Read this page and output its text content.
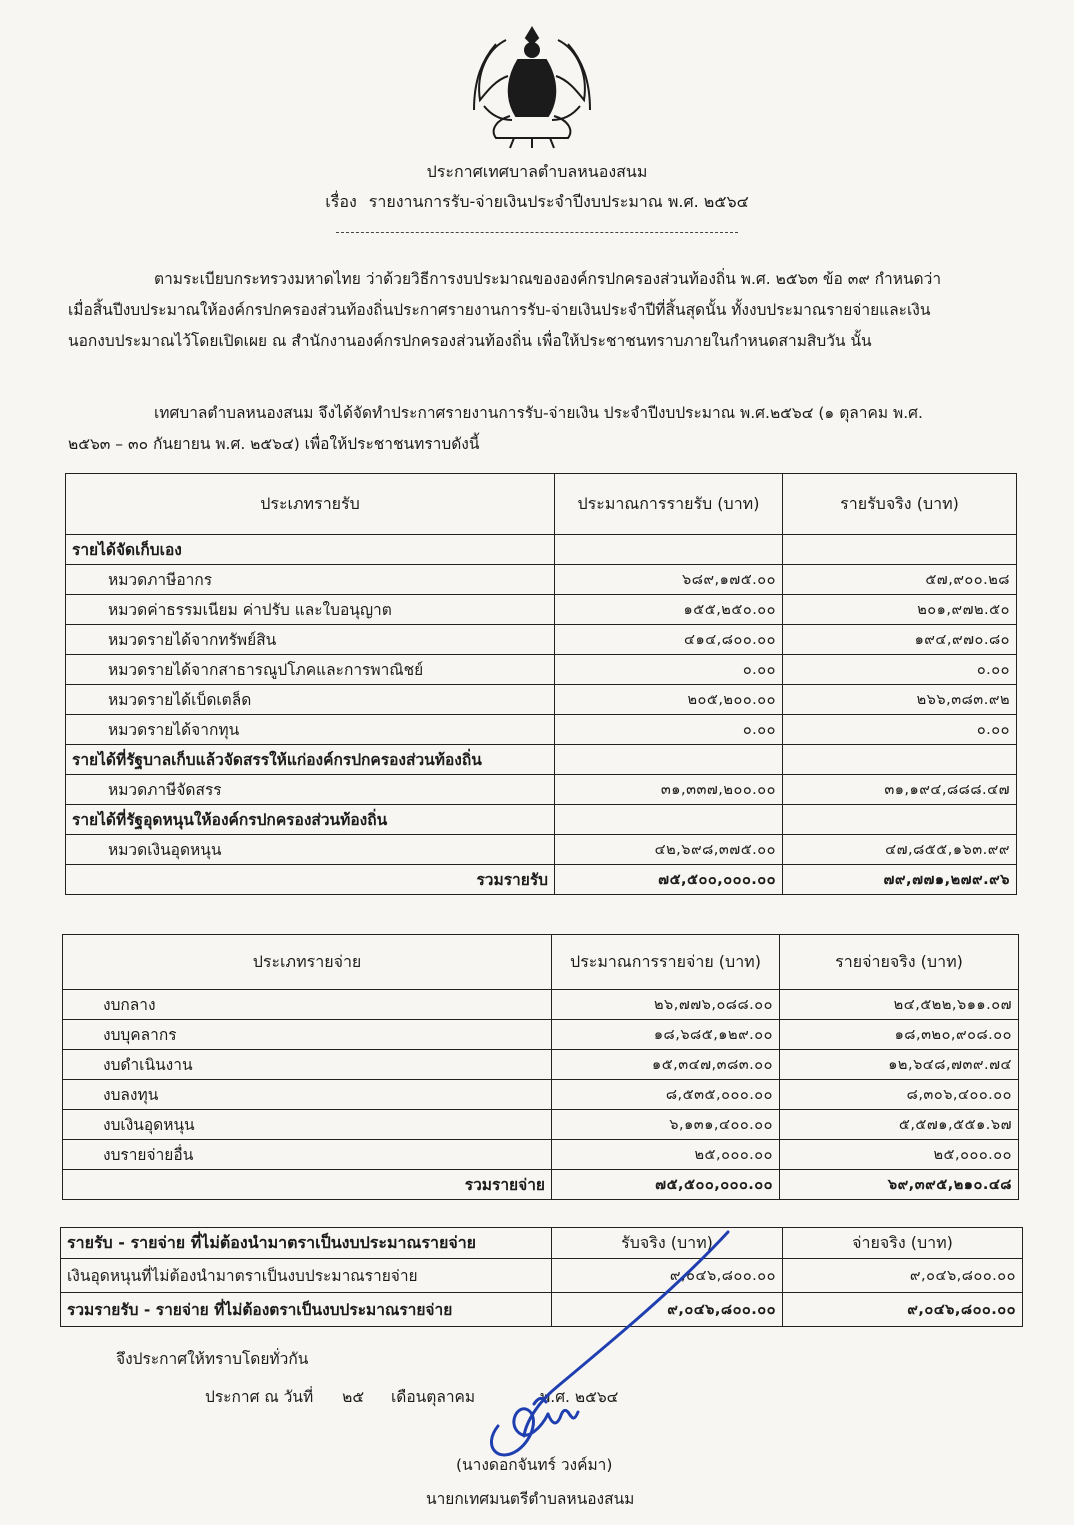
ประกาศเทศบาลตำบลหนองสนม
เรื่อง รายงานการรับ-จ่ายเงินประจำปีงบประมาณ พ.ศ. ๒๕๖๔
ตามระเบียบกระทรวงมหาดไทย ว่าด้วยวิธีการงบประมาณขององค์กรปกครองส่วนท้องถิ่น พ.ศ. ๒๕๖๓ ข้อ ๓๙ กำหนดว่า
เมื่อสิ้นปีงบประมาณให้องค์กรปกครองส่วนท้องถิ่นประกาศรายงานการรับ-จ่ายเงินประจำปีที่สิ้นสุดนั้น ทั้งงบประมาณรายจ่ายและเงิน
นอกงบประมาณไว้โดยเปิดเผย ณ สำนักงานองค์กรปกครองส่วนท้องถิ่น เพื่อให้ประชาชนทราบภายในกำหนดสามสิบวัน นั้น
เทศบาลตำบลหนองสนม จึงได้จัดทำประกาศรายงานการรับ-จ่ายเงิน ประจำปีงบประมาณ พ.ศ.๒๕๖๔ (๑ ตุลาคม พ.ศ.
๒๕๖๓ – ๓๐ กันยายน พ.ศ. ๒๕๖๔) เพื่อให้ประชาชนทราบดังนี้
ประเภทรายรับ	ประมาณการรายรับ (บาท)	รายรับจริง (บาท)
รายได้จัดเก็บเอง		
หมวดภาษีอากร	๖๘๙,๑๗๕.๐๐	๕๗,๙๐๐.๒๘
หมวดค่าธรรมเนียม ค่าปรับ และใบอนุญาต	๑๕๕,๒๕๐.๐๐	๒๐๑,๙๗๒.๕๐
หมวดรายได้จากทรัพย์สิน	๔๑๔,๘๐๐.๐๐	๑๙๔,๙๗๐.๘๐
หมวดรายได้จากสาธารณูปโภคและการพาณิชย์	๐.๐๐	๐.๐๐
หมวดรายได้เบ็ดเตล็ด	๒๐๕,๒๐๐.๐๐	๒๖๖,๓๘๓.๙๒
หมวดรายได้จากทุน	๐.๐๐	๐.๐๐
รายได้ที่รัฐบาลเก็บแล้วจัดสรรให้แก่องค์กรปกครองส่วนท้องถิ่น		
หมวดภาษีจัดสรร	๓๑,๓๓๗,๒๐๐.๐๐	๓๑,๑๙๔,๘๘๘.๔๗
รายได้ที่รัฐอุดหนุนให้องค์กรปกครองส่วนท้องถิ่น		
หมวดเงินอุดหนุน	๔๒,๖๙๘,๓๗๕.๐๐	๔๗,๘๕๕,๑๖๓.๙๙
รวมรายรับ	๗๕,๕๐๐,๐๐๐.๐๐	๗๙,๗๗๑,๒๗๙.๙๖
ประเภทรายจ่าย	ประมาณการรายจ่าย (บาท)	รายจ่ายจริง (บาท)
งบกลาง	๒๖,๗๗๖,๐๘๘.๐๐	๒๔,๕๒๒,๖๑๑.๐๗
งบบุคลากร	๑๘,๖๘๕,๑๒๙.๐๐	๑๘,๓๒๐,๙๐๘.๐๐
งบดำเนินงาน	๑๕,๓๔๗,๓๘๓.๐๐	๑๒,๖๔๘,๗๓๙.๗๔
งบลงทุน	๘,๕๓๕,๐๐๐.๐๐	๘,๓๐๖,๔๐๐.๐๐
งบเงินอุดหนุน	๖,๑๓๑,๔๐๐.๐๐	๕,๕๗๑,๕๕๑.๖๗
งบรายจ่ายอื่น	๒๕,๐๐๐.๐๐	๒๕,๐๐๐.๐๐
รวมรายจ่าย	๗๕,๕๐๐,๐๐๐.๐๐	๖๙,๓๙๕,๒๑๐.๔๘
รายรับ - รายจ่าย ที่ไม่ต้องนำมาตราเป็นงบประมาณรายจ่าย	รับจริง (บาท)	จ่ายจริง (บาท)
เงินอุดหนุนที่ไม่ต้องนำมาตราเป็นงบประมาณรายจ่าย	๙,๐๔๖,๘๐๐.๐๐	๙,๐๔๖,๘๐๐.๐๐
รวมรายรับ - รายจ่าย ที่ไม่ต้องตราเป็นงบประมาณรายจ่าย	๙,๐๔๖,๘๐๐.๐๐	๙,๐๔๖,๘๐๐.๐๐
จึงประกาศให้ทราบโดยทั่วกัน
ประกาศ ณ วันที่ ๒๕ เดือนตุลาคม	พ.ศ. ๒๕๖๔
(นางดอกจันทร์ วงค์มา)
นายกเทศมนตรีตำบลหนองสนม
